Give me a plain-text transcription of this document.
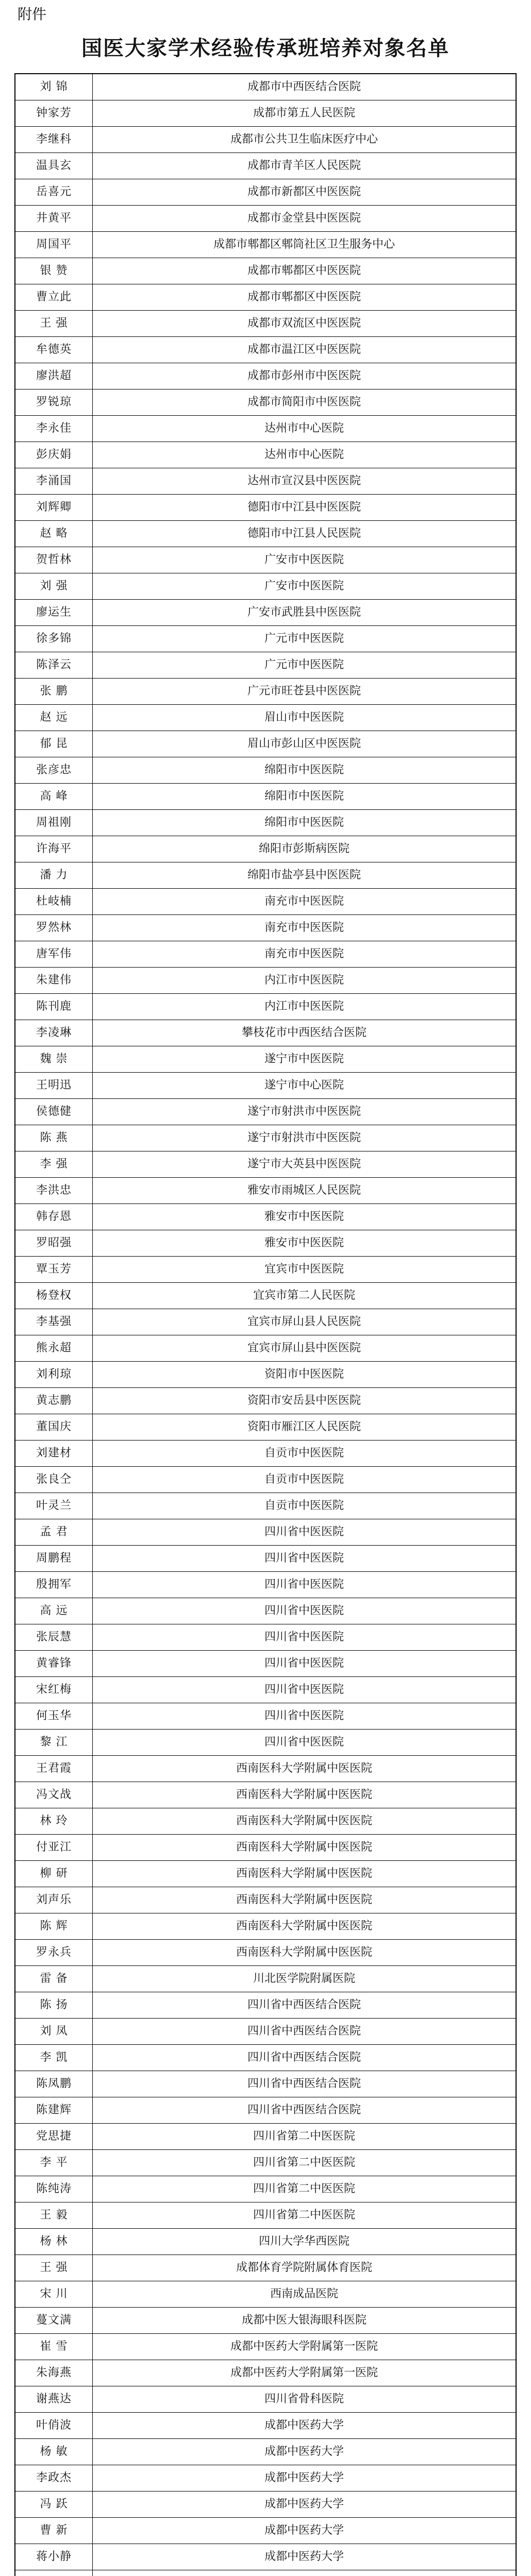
附件
国医大家学术经验传承班培养对象名单
刘 锦	成都市中西医结合医院
钟家芳	成都市第五人民医院
李继科	成都市公共卫生临床医疗中心
温具玄	成都市青羊区人民医院
岳喜元	成都市新都区中医医院
井黄平	成都市金堂县中医医院
周国平	成都市郫都区郫筒社区卫生服务中心
银 赞	成都市郫都区中医医院
曹立此	成都市郫都区中医医院
王 强	成都市双流区中医医院
牟德英	成都市温江区中医医院
廖洪超	成都市彭州市中医医院
罗锐琼	成都市简阳市中医医院
李永佳	达州市中心医院
彭庆娟	达州市中心医院
李涌国	达州市宣汉县中医医院
刘辉卿	德阳市中江县中医医院
赵 略	德阳市中江县人民医院
贺哲林	广安市中医医院
刘 强	广安市中医医院
廖运生	广安市武胜县中医医院
徐多锦	广元市中医医院
陈泽云	广元市中医医院
张 鹏	广元市旺苍县中医医院
赵 远	眉山市中医医院
郁 昆	眉山市彭山区中医医院
张彦忠	绵阳市中医医院
高 峰	绵阳市中医医院
周祖刚	绵阳市中医医院
许海平	绵阳市彭斯病医院
潘 力	绵阳市盐亭县中医医院
杜岐楠	南充市中医医院
罗然林	南充市中医医院
唐军伟	南充市中医医院
朱建伟	内江市中医医院
陈刊鹿	内江市中医医院
李凌琳	攀枝花市中西医结合医院
魏 崇	遂宁市中医医院
王明迅	遂宁市中心医院
侯德健	遂宁市射洪市中医医院
陈 燕	遂宁市射洪市中医医院
李 强	遂宁市大英县中医医院
李洪忠	雅安市雨城区人民医院
韩存恩	雅安市中医医院
罗昭强	雅安市中医医院
覃玉芳	宜宾市中医医院
杨登权	宜宾市第二人民医院
李基强	宜宾市屏山县人民医院
熊永超	宜宾市屏山县中医医院
刘利琼	资阳市中医医院
黄志鹏	资阳市安岳县中医医院
董国庆	资阳市雁江区人民医院
刘建材	自贡市中医医院
张良仝	自贡市中医医院
叶灵兰	自贡市中医医院
孟 君	四川省中医医院
周鹏程	四川省中医医院
殷拥军	四川省中医医院
高 远	四川省中医医院
张辰慧	四川省中医医院
黄睿锋	四川省中医医院
宋红梅	四川省中医医院
何玉华	四川省中医医院
黎 江	四川省中医医院
王君霞	西南医科大学附属中医医院
冯文战	西南医科大学附属中医医院
林 玲	西南医科大学附属中医医院
付亚江	西南医科大学附属中医医院
柳 研	西南医科大学附属中医医院
刘声乐	西南医科大学附属中医医院
陈 辉	西南医科大学附属中医医院
罗永兵	西南医科大学附属中医医院
雷 备	川北医学院附属医院
陈 扬	四川省中西医结合医院
刘 凤	四川省中西医结合医院
李 凯	四川省中西医结合医院
陈凤鹏	四川省中西医结合医院
陈建辉	四川省中西医结合医院
党思捷	四川省第二中医医院
李 平	四川省第二中医医院
陈纯涛	四川省第二中医医院
王 毅	四川省第二中医医院
杨 林	四川大学华西医院
王 强	成都体育学院附属体育医院
宋 川	西南成品医院
蔓文满	成都中医大银海眼科医院
崔 雪	成都中医药大学附属第一医院
朱海燕	成都中医药大学附属第一医院
谢燕达	四川省骨科医院
叶俏波	成都中医药大学
杨 敏	成都中医药大学
李政杰	成都中医药大学
冯 跃	成都中医药大学
曹 新	成都中医药大学
蒋小静	成都中医药大学
